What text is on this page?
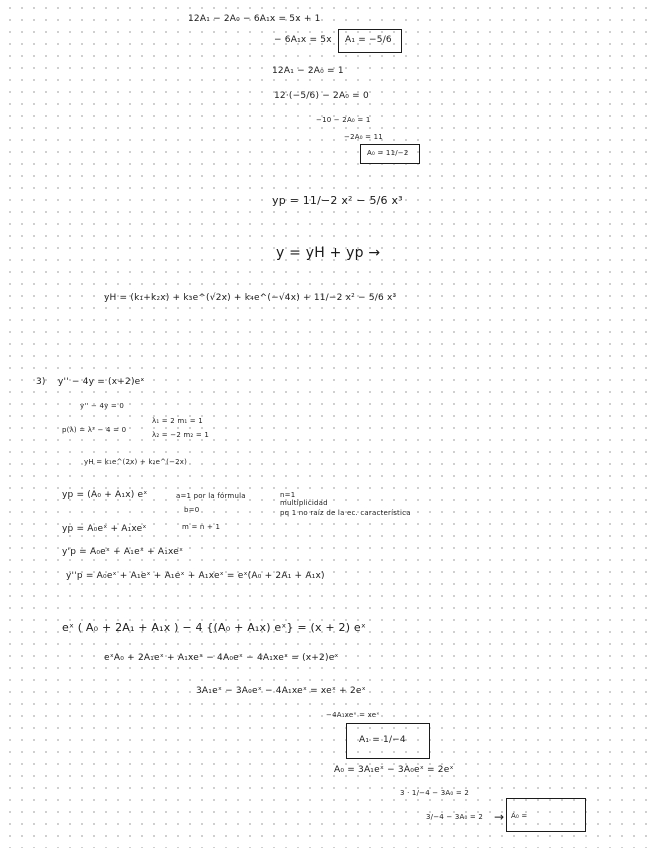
12A₁ − 2A₀ − 6A₁x = 5x + 1
− 6A₁x = 5x A₁ = −5/6
12A₁ − 2A₀ = 1
12·(−5/6) − 2A₀ = 0
−10 − 2A₀ = 1
−2A₀ = 11
A₀ = 11/−2
yp = 11/−2 x² − 5/6 x³
y = yH + yp →
yH = (k₁+k₂x) + k₃e^(√2x) + k₄e^(−√4x) + 11/−2 x² − 5/6 x³
3) y'' − 4y = (x+2)eˣ
y'' − 4y = 0
p(λ) = λ² − 4 = 0
λ₁ = 2 m₁ = 1
λ₂ = −2 m₂ = 1
yH = k₁e^(2x) + k₂e^(−2x)
yp = (A₀ + A₁x) eˣ	a=1 por la fórmula
b=0
n=1
multiplicidad
pq 1 no raíz de la ec. característica
yp = A₀eˣ + A₁xeˣ	m = n + 1
y'p = A₀eˣ + A₁eˣ + A₁xeˣ
y''p = A₀eˣ + A₁eˣ + A₁eˣ + A₁xeˣ = eˣ(A₀ + 2A₁ + A₁x)
eˣ ( A₀ + 2A₁ + A₁x ) − 4 {(A₀ + A₁x) eˣ} = (x + 2) eˣ
eˣA₀ + 2A₁eˣ + A₁xeˣ − 4A₀eˣ − 4A₁xeˣ = (x+2)eˣ
3A₁eˣ − 3A₀eˣ − 4A₁xeˣ = xeˣ + 2eˣ
−4A₁xeˣ = xeˣ
A₁ = 1/−4
A₀ = 3A₁eˣ − 3A₀eˣ = 2eˣ
3 · 1/−4 − 3A₀ = 2
3/−4 − 3A₀ = 2 → A₀ =
